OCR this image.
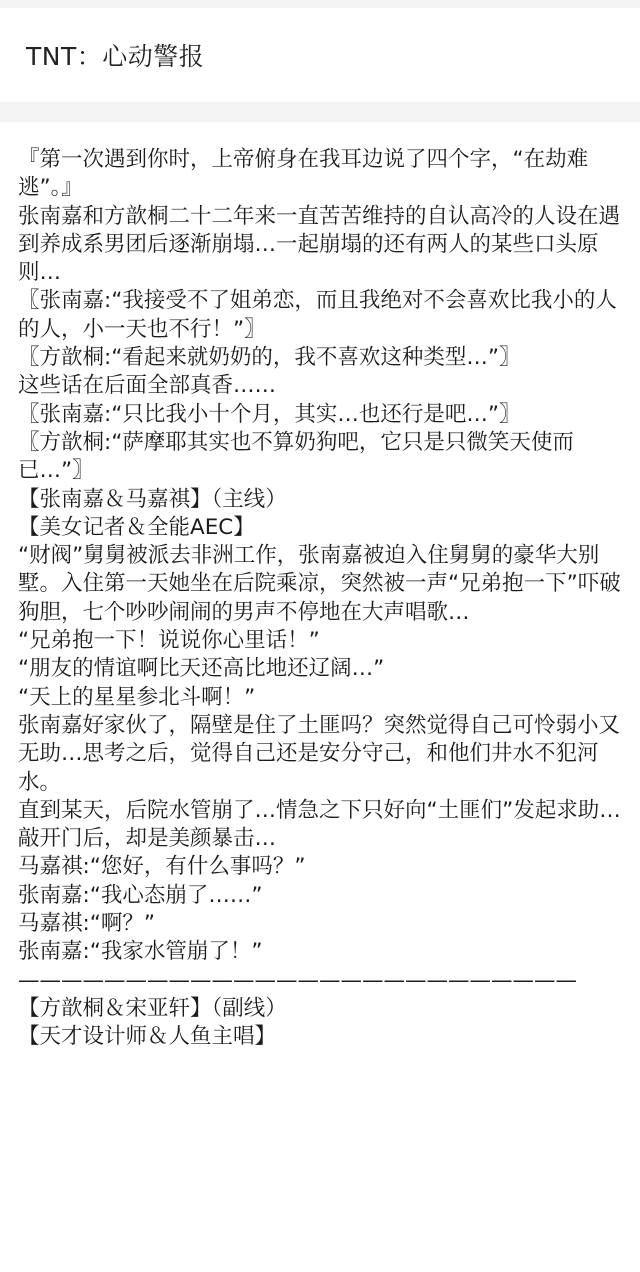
TNT：心动警报

『第一次遇到你时，上帝俯身在我耳边说了四个字，“在劫难逃”。』

张南嘉和方歆桐二十二年来一直苦苦维持的自认高冷的人设在遇到养成系男团后逐渐崩塌…一起崩塌的还有两人的某些口头原则…

〖张南嘉:“我接受不了姐弟恋，而且我绝对不会喜欢比我小的人的人，小一天也不行！”〗

〖方歆桐:“看起来就奶奶的，我不喜欢这种类型…”〗

这些话在后面全部真香……

〖张南嘉:“只比我小十个月，其实…也还行是吧…”〗

〖方歆桐:“萨摩耶其实也不算奶狗吧，它只是只微笑天使而已…”〗

【张南嘉＆马嘉祺】（主线）

【美女记者＆全能AEC】

“财阀”舅舅被派去非洲工作，张南嘉被迫入住舅舅的豪华大别墅。入住第一天她坐在后院乘凉，突然被一声“兄弟抱一下”吓破狗胆，七个吵吵闹闹的男声不停地在大声唱歌…

“兄弟抱一下！说说你心里话！”

“朋友的情谊啊比天还高比地还辽阔…”

“天上的星星参北斗啊！”

张南嘉好家伙了，隔壁是住了土匪吗？突然觉得自己可怜弱小又无助…思考之后，觉得自己还是安分守己，和他们井水不犯河水。

直到某天，后院水管崩了…情急之下只好向“土匪们”发起求助…敲开门后，却是美颜暴击…

马嘉祺:“您好，有什么事吗？”

张南嘉:“我心态崩了……”

马嘉祺:“啊？”

张南嘉:“我家水管崩了！”

——————————————————————————

【方歆桐＆宋亚轩】（副线）

【天才设计师＆人鱼主唱】
